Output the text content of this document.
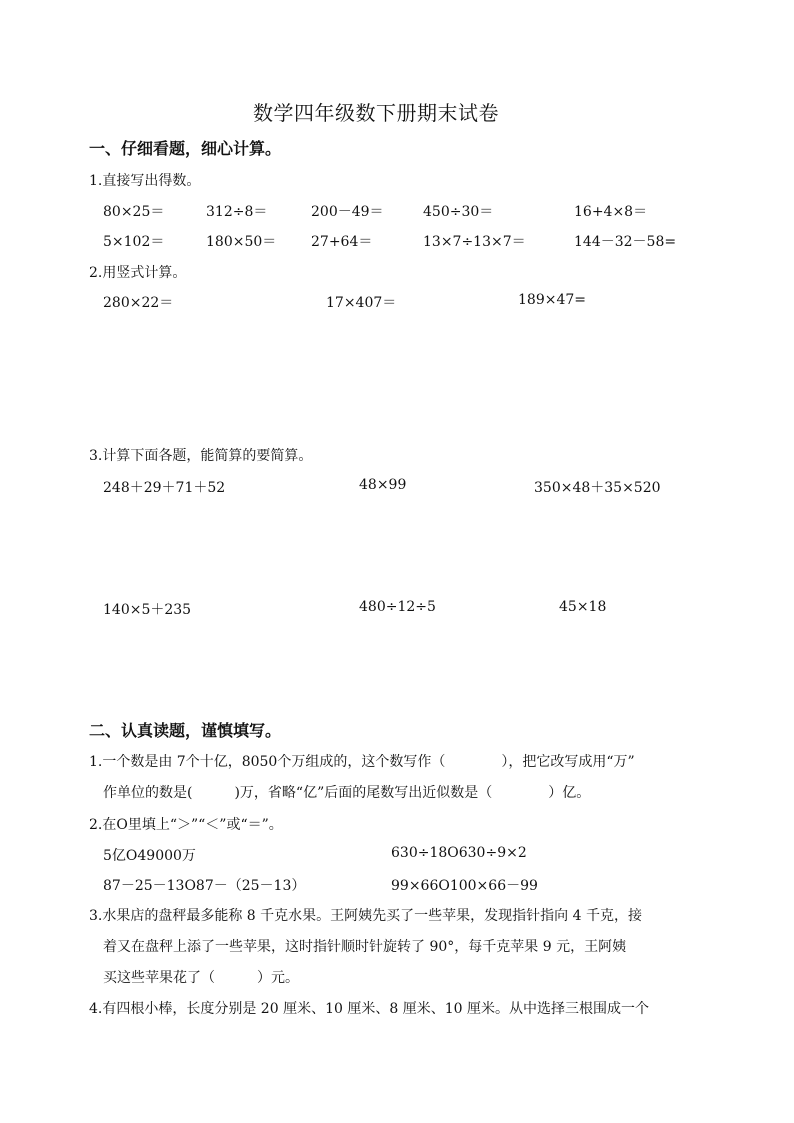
数学四年级数下册期末试卷
一、仔细看题，细心计算。
1.直接写出得数。
80×25＝	312÷8＝	200－49＝	450÷30＝	16+4×8＝
5×102＝	180×50＝ 27+64＝	13×7÷13×7＝	144－32－58=
2.用竖式计算。
280×22＝	17×407＝	189×47=
3.计算下面各题，能简算的要简算。
248＋29＋71＋52	48×99	350×48＋35×520
140×5＋235	480÷12÷5	45×18
二、认真读题，谨慎填写。
1.一个数是由 7个十亿，8050个万组成的，这个数写作（　　　　），把它改写成用“万”
作单位的数是(　　　)万，省略“亿”后面的尾数写出近似数是（　　　　）亿。
2.在O里填上“＞”“＜”或“＝”。
5亿O49000万	630÷18O630÷9×2
87－25－13O87－（25－13）	99×66O100×66－99
3.水果店的盘秤最多能称 8 千克水果。王阿姨先买了一些苹果，发现指针指向 4 千克，接
着又在盘秤上添了一些苹果，这时指针顺时针旋转了 90°，每千克苹果 9 元，王阿姨
买这些苹果花了（　　　）元。
4.有四根小棒，长度分别是 20 厘米、10 厘米、8 厘米、10 厘米。从中选择三根围成一个
